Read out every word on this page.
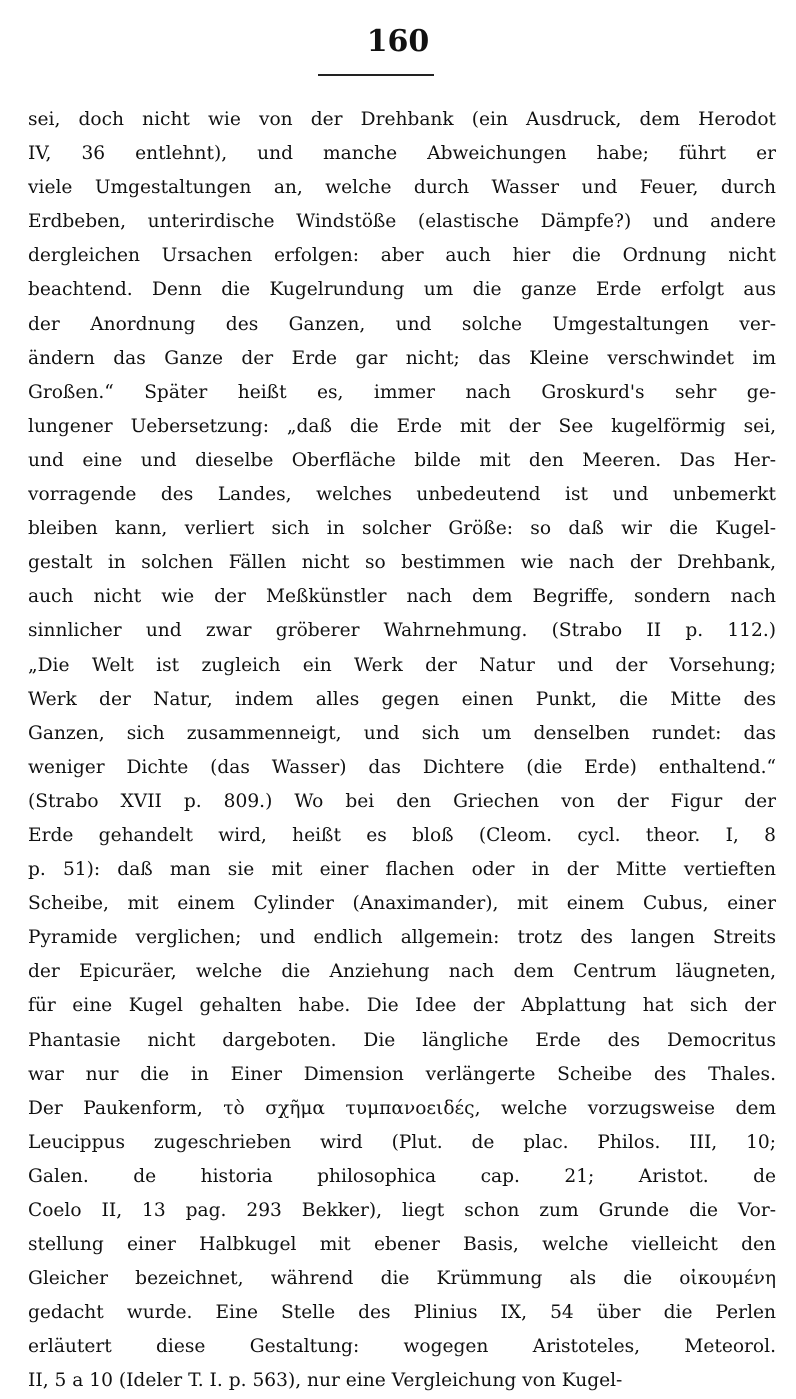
160
sei, doch nicht wie von der Drehbank (ein Ausdruck, dem Herodot
IV, 36 entlehnt), und manche Abweichungen habe; führt er
viele Umgestaltungen an, welche durch Wasser und Feuer, durch
Erdbeben, unterirdische Windstöße (elastische Dämpfe?) und andere
dergleichen Ursachen erfolgen: aber auch hier die Ordnung nicht
beachtend. Denn die Kugelrundung um die ganze Erde erfolgt aus
der Anordnung des Ganzen, und solche Umgestaltungen ver-
ändern das Ganze der Erde gar nicht; das Kleine verschwindet im
Großen.“ Später heißt es, immer nach Groskurd's sehr ge-
lungener Uebersetzung: „daß die Erde mit der See kugelförmig sei,
und eine und dieselbe Oberfläche bilde mit den Meeren. Das Her-
vorragende des Landes, welches unbedeutend ist und unbemerkt
bleiben kann, verliert sich in solcher Größe: so daß wir die Kugel-
gestalt in solchen Fällen nicht so bestimmen wie nach der Drehbank,
auch nicht wie der Meßkünstler nach dem Begriffe, sondern nach
sinnlicher und zwar gröberer Wahrnehmung. (Strabo II p. 112.)
„Die Welt ist zugleich ein Werk der Natur und der Vorsehung;
Werk der Natur, indem alles gegen einen Punkt, die Mitte des
Ganzen, sich zusammenneigt, und sich um denselben rundet: das
weniger Dichte (das Wasser) das Dichtere (die Erde) enthaltend.“
(Strabo XVII p. 809.) Wo bei den Griechen von der Figur der
Erde gehandelt wird, heißt es bloß (Cleom. cycl. theor. I, 8
p. 51): daß man sie mit einer flachen oder in der Mitte vertieften
Scheibe, mit einem Cylinder (Anaximander), mit einem Cubus, einer
Pyramide verglichen; und endlich allgemein: trotz des langen Streits
der Epicuräer, welche die Anziehung nach dem Centrum läugneten,
für eine Kugel gehalten habe. Die Idee der Abplattung hat sich der
Phantasie nicht dargeboten. Die längliche Erde des Democritus
war nur die in Einer Dimension verlängerte Scheibe des Thales.
Der Paukenform, τὸ σχῆμα τυμπανοειδές, welche vorzugsweise dem
Leucippus zugeschrieben wird (Plut. de plac. Philos. III, 10;
Galen. de historia philosophica cap. 21; Aristot. de
Coelo II, 13 pag. 293 Bekker), liegt schon zum Grunde die Vor-
stellung einer Halbkugel mit ebener Basis, welche vielleicht den
Gleicher bezeichnet, während die Krümmung als die οἰκουμένη
gedacht wurde. Eine Stelle des Plinius IX, 54 über die Perlen
erläutert diese Gestaltung: wogegen Aristoteles, Meteorol.
II, 5 a 10 (Ideler T. I. p. 563), nur eine Vergleichung von Kugel-
